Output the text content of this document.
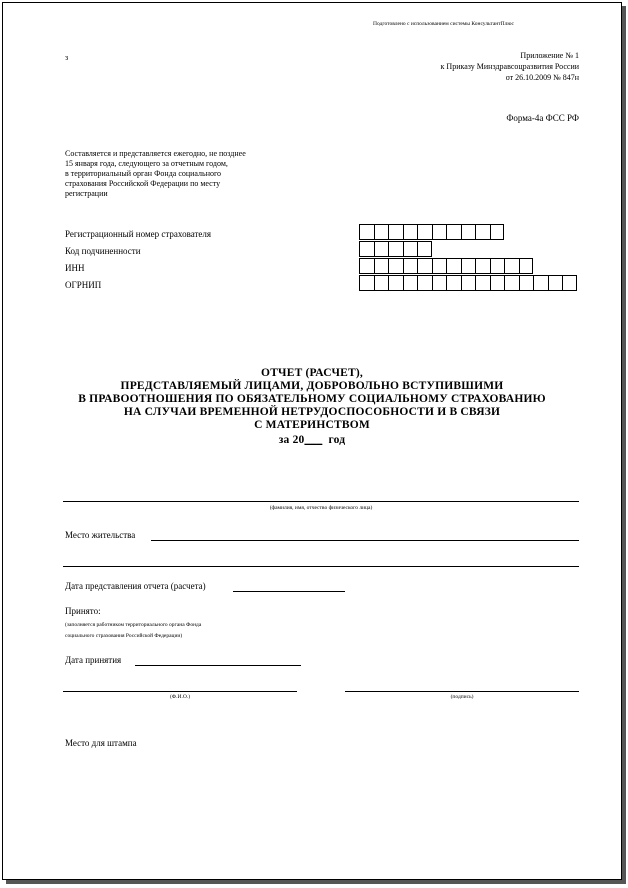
Подготовлено с использованием системы КонсультантПлюс
з	Приложение № 1
к Приказу Минздравсоцразвития России
от 26.10.2009 № 847н
Форма-4а ФСС РФ
Составляется и представляется ежегодно, не позднее
15 января года, следующего за отчетным годом,
в территориальный орган Фонда социального
страхования Российской Федерации по месту
регистрации
Регистрационный номер страхователя
Код подчиненности
ИНН
ОГРНИП
ОТЧЕТ (РАСЧЕТ),
ПРЕДСТАВЛЯЕМЫЙ ЛИЦАМИ, ДОБРОВОЛЬНО ВСТУПИВШИМИ
В ПРАВООТНОШЕНИЯ ПО ОБЯЗАТЕЛЬНОМУ СОЦИАЛЬНОМУ СТРАХОВАНИЮ
НА СЛУЧАИ ВРЕМЕННОЙ НЕТРУДОСПОСОБНОСТИ И В СВЯЗИ
С МАТЕРИНСТВОМ
за 20___ год
(фамилия, имя, отчество физического лица)
Место жительства
Дата представления отчета (расчета)
Принято:
(заполняется работником территориального органа Фонда
социального страхования Российской Федерации)
Дата принятия
(Ф.И.О.)	(подпись)
Место для штампа
